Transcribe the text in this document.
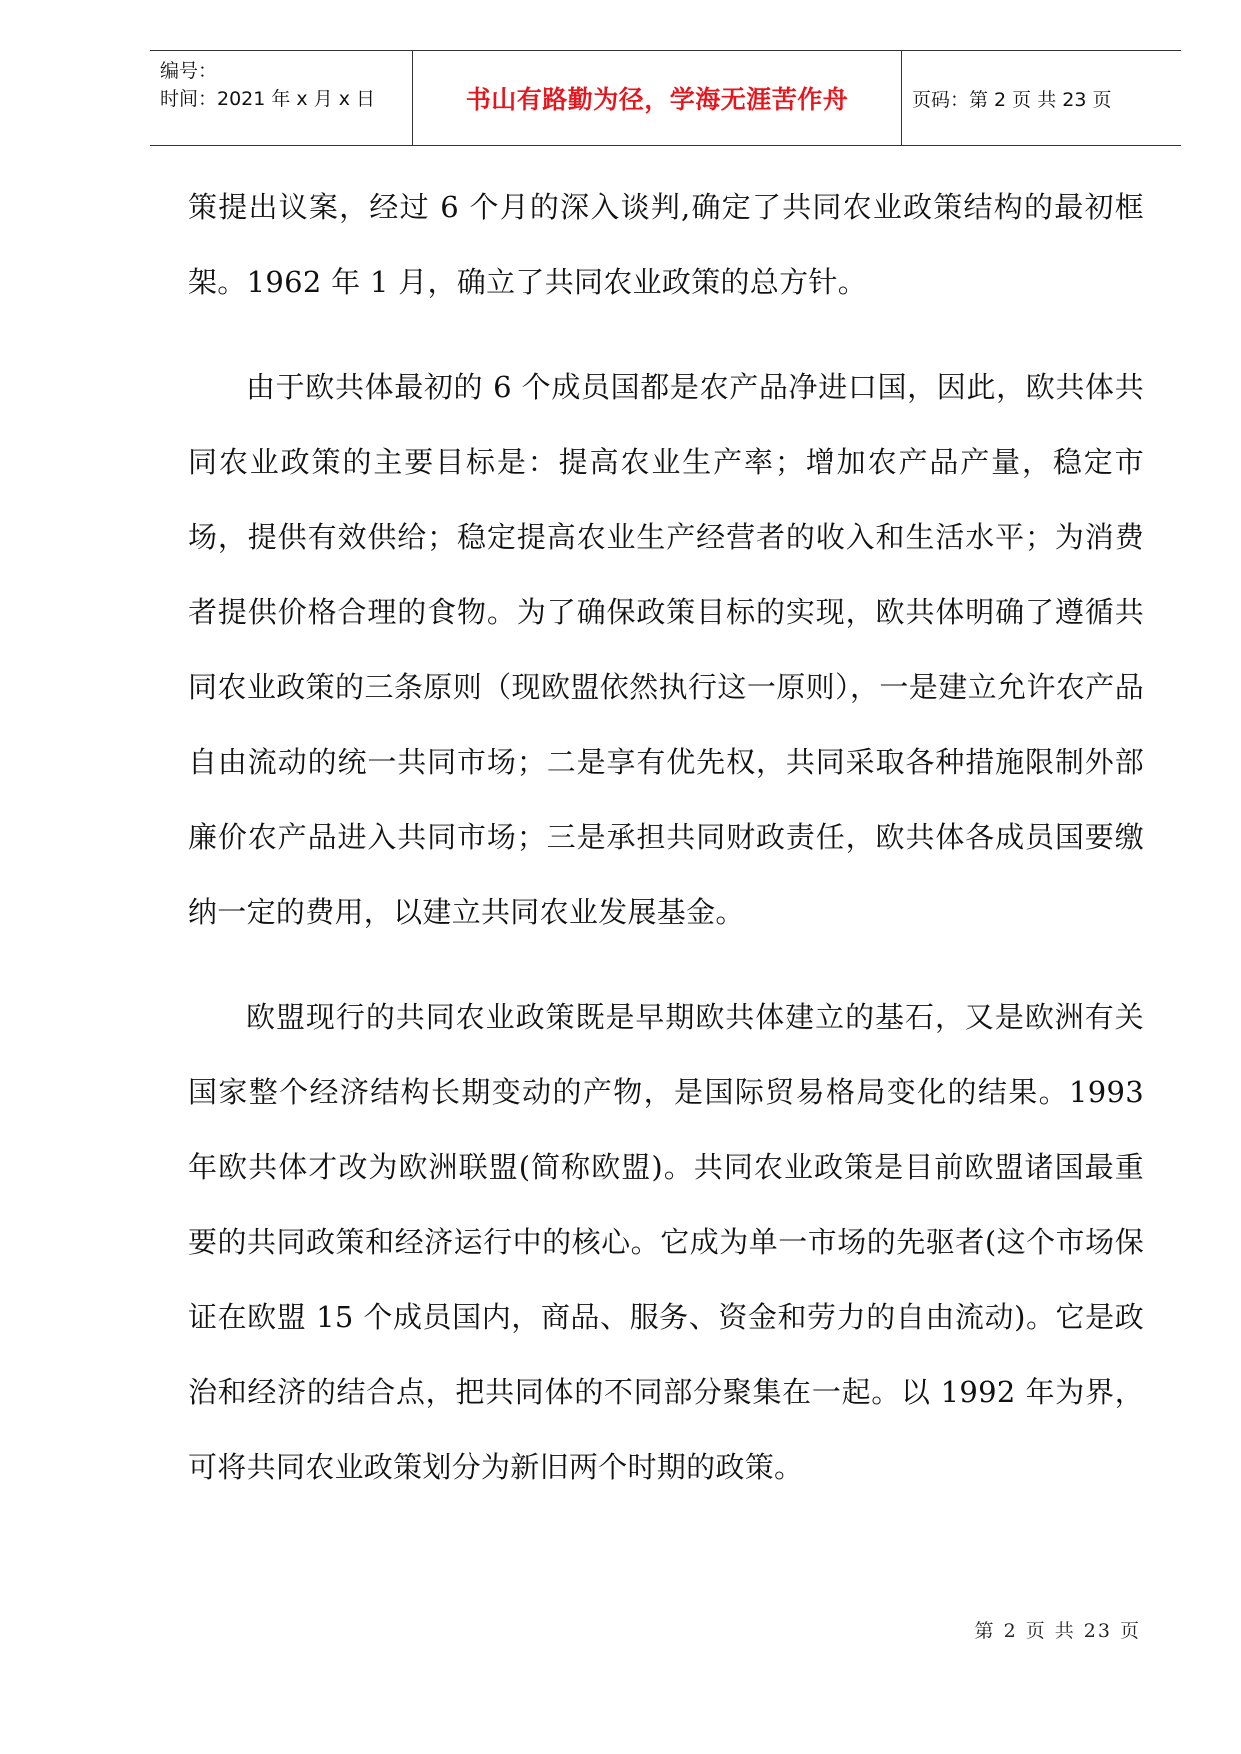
编号：
时间：2021 年 x 月 x 日	书山有路勤为径，学海无涯苦作舟	页码：第 2 页 共 23 页

策提出议案，经过 6 个月的深入谈判,确定了共同农业政策结构的最初框架。1962 年 1 月，确立了共同农业政策的总方针。

由于欧共体最初的 6 个成员国都是农产品净进口国，因此，欧共体共同农业政策的主要目标是：提高农业生产率；增加农产品产量，稳定市场，提供有效供给；稳定提高农业生产经营者的收入和生活水平；为消费者提供价格合理的食物。为了确保政策目标的实现，欧共体明确了遵循共同农业政策的三条原则（现欧盟依然执行这一原则），一是建立允许农产品自由流动的统一共同市场；二是享有优先权，共同采取各种措施限制外部廉价农产品进入共同市场；三是承担共同财政责任，欧共体各成员国要缴纳一定的费用，以建立共同农业发展基金。

欧盟现行的共同农业政策既是早期欧共体建立的基石，又是欧洲有关国家整个经济结构长期变动的产物，是国际贸易格局变化的结果。1993 年欧共体才改为欧洲联盟(简称欧盟)。共同农业政策是目前欧盟诸国最重要的共同政策和经济运行中的核心。它成为单一市场的先驱者(这个市场保证在欧盟 15 个成员国内，商品、服务、资金和劳力的自由流动)。它是政治和经济的结合点，把共同体的不同部分聚集在一起。以 1992 年为界，可将共同农业政策划分为新旧两个时期的政策。

第 2 页 共 23 页
